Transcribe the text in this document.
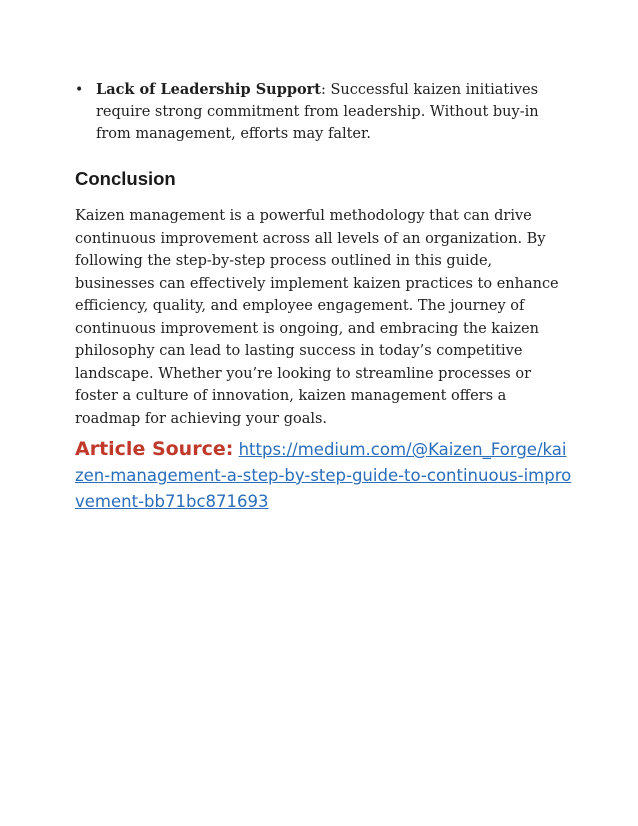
• Lack of Leadership Support: Successful kaizen initiatives require strong commitment from leadership. Without buy-in from management, efforts may falter.
Conclusion

Kaizen management is a powerful methodology that can drive continuous improvement across all levels of an organization. By following the step-by-step process outlined in this guide, businesses can effectively implement kaizen practices to enhance efficiency, quality, and employee engagement. The journey of continuous improvement is ongoing, and embracing the kaizen philosophy can lead to lasting success in today’s competitive landscape. Whether you’re looking to streamline processes or foster a culture of innovation, kaizen management offers a roadmap for achieving your goals.

Article Source: https://medium.com/@Kaizen_Forge/kaizen-management-a-step-by-step-guide-to-continuous-improvement-bb71bc871693
